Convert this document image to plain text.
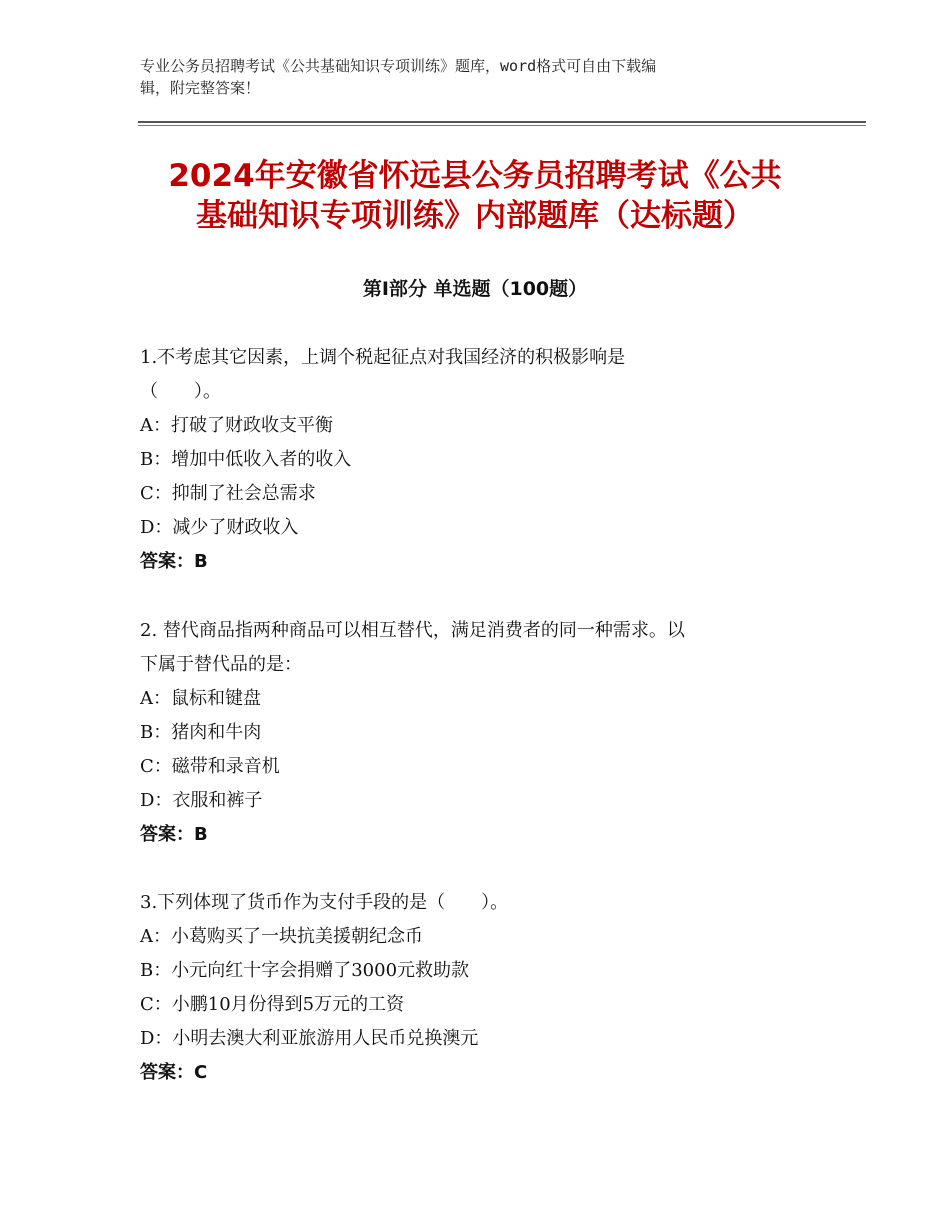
专业公务员招聘考试《公共基础知识专项训练》题库，word格式可自由下载编
辑，附完整答案！
2024年安徽省怀远县公务员招聘考试《公共
基础知识专项训练》内部题库（达标题）
第Ⅰ部分 单选题（100题）
1.不考虑其它因素，上调个税起征点对我国经济的积极影响是
（　　）。
A：打破了财政收支平衡
B：增加中低收入者的收入
C：抑制了社会总需求
D：减少了财政收入
答案：B
2. 替代商品指两种商品可以相互替代，满足消费者的同一种需求。以
下属于替代品的是：
A：鼠标和键盘
B：猪肉和牛肉
C：磁带和录音机
D：衣服和裤子
答案：B
3.下列体现了货币作为支付手段的是（　　）。
A：小葛购买了一块抗美援朝纪念币
B：小元向红十字会捐赠了3000元救助款
C：小鹏10月份得到5万元的工资
D：小明去澳大利亚旅游用人民币兑换澳元
答案：C
